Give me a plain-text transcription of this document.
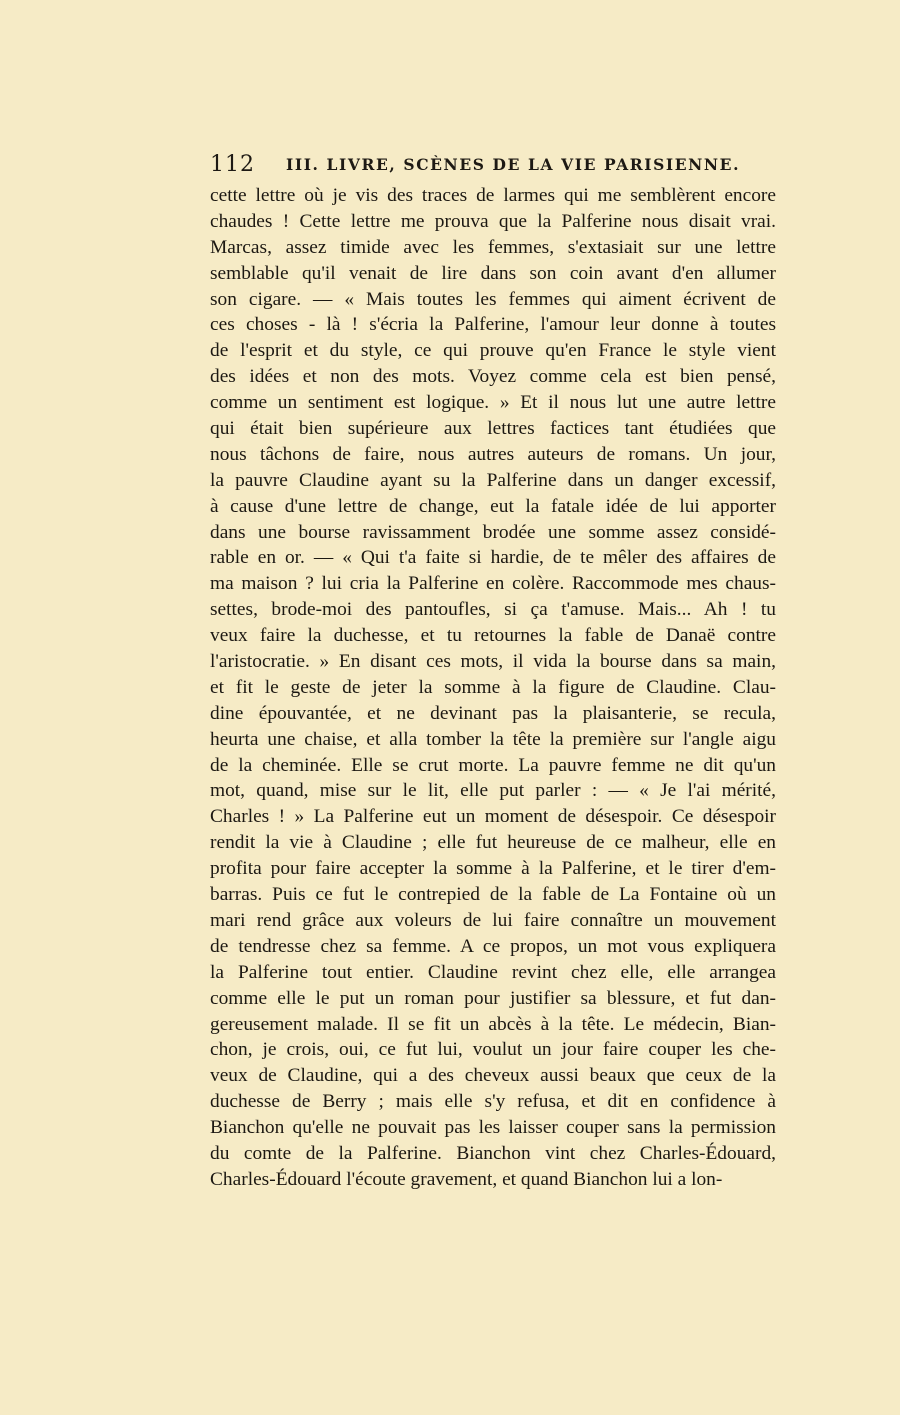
112 III. LIVRE, SCÈNES DE LA VIE PARISIENNE.
cette lettre où je vis des traces de larmes qui me semblèrent encore
chaudes ! Cette lettre me prouva que la Palferine nous disait vrai.
Marcas, assez timide avec les femmes, s'extasiait sur une lettre
semblable qu'il venait de lire dans son coin avant d'en allumer
son cigare. — « Mais toutes les femmes qui aiment écrivent de
ces choses - là ! s'écria la Palferine, l'amour leur donne à toutes
de l'esprit et du style, ce qui prouve qu'en France le style vient
des idées et non des mots. Voyez comme cela est bien pensé,
comme un sentiment est logique. » Et il nous lut une autre lettre
qui était bien supérieure aux lettres factices tant étudiées que
nous tâchons de faire, nous autres auteurs de romans. Un jour,
la pauvre Claudine ayant su la Palferine dans un danger excessif,
à cause d'une lettre de change, eut la fatale idée de lui apporter
dans une bourse ravissamment brodée une somme assez considé-
rable en or. — « Qui t'a faite si hardie, de te mêler des affaires de
ma maison ? lui cria la Palferine en colère. Raccommode mes chaus-
settes, brode-moi des pantoufles, si ça t'amuse. Mais... Ah ! tu
veux faire la duchesse, et tu retournes la fable de Danaë contre
l'aristocratie. » En disant ces mots, il vida la bourse dans sa main,
et fit le geste de jeter la somme à la figure de Claudine. Clau-
dine épouvantée, et ne devinant pas la plaisanterie, se recula,
heurta une chaise, et alla tomber la tête la première sur l'angle aigu
de la cheminée. Elle se crut morte. La pauvre femme ne dit qu'un
mot, quand, mise sur le lit, elle put parler : — « Je l'ai mérité,
Charles ! » La Palferine eut un moment de désespoir. Ce désespoir
rendit la vie à Claudine ; elle fut heureuse de ce malheur, elle en
profita pour faire accepter la somme à la Palferine, et le tirer d'em-
barras. Puis ce fut le contrepied de la fable de La Fontaine où un
mari rend grâce aux voleurs de lui faire connaître un mouvement
de tendresse chez sa femme. A ce propos, un mot vous expliquera
la Palferine tout entier. Claudine revint chez elle, elle arrangea
comme elle le put un roman pour justifier sa blessure, et fut dan-
gereusement malade. Il se fit un abcès à la tête. Le médecin, Bian-
chon, je crois, oui, ce fut lui, voulut un jour faire couper les che-
veux de Claudine, qui a des cheveux aussi beaux que ceux de la
duchesse de Berry ; mais elle s'y refusa, et dit en confidence à
Bianchon qu'elle ne pouvait pas les laisser couper sans la permission
du comte de la Palferine. Bianchon vint chez Charles-Édouard,
Charles-Édouard l'écoute gravement, et quand Bianchon lui a lon-
